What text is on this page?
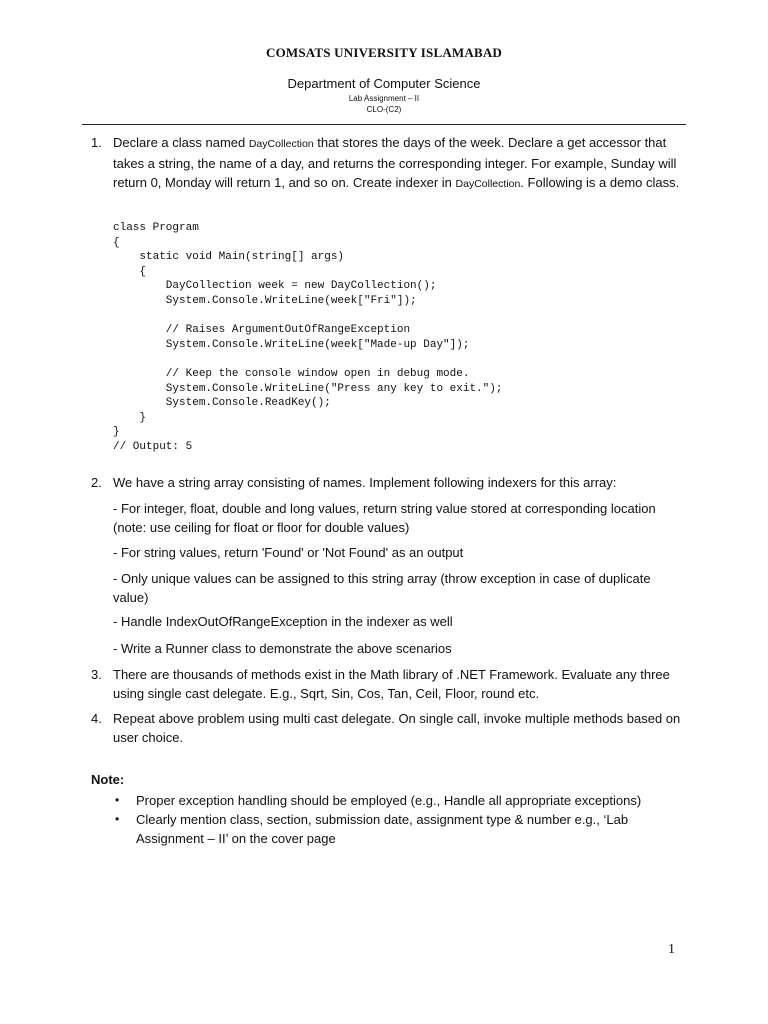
COMSATS UNIVERSITY ISLAMABAD
Department of Computer Science
Lab Assignment – II
CLO-(C2)
1. Declare a class named DayCollection that stores the days of the week. Declare a get accessor that takes a string, the name of a day, and returns the corresponding integer. For example, Sunday will return 0, Monday will return 1, and so on. Create indexer in DayCollection. Following is a demo class.
class Program
{
static void Main(string[] args)
{
DayCollection week = new DayCollection();
System.Console.WriteLine(week["Fri"]);

// Raises ArgumentOutOfRangeException
System.Console.WriteLine(week["Made-up Day"]);

// Keep the console window open in debug mode.
System.Console.WriteLine("Press any key to exit.");
System.Console.ReadKey();
}
}
// Output: 5
2. We have a string array consisting of names. Implement following indexers for this array:
- For integer, float, double and long values, return string value stored at corresponding location (note: use ceiling for float or floor for double values)
- For string values, return 'Found' or 'Not Found' as an output
- Only unique values can be assigned to this string array (throw exception in case of duplicate value)
- Handle IndexOutOfRangeException in the indexer as well
- Write a Runner class to demonstrate the above scenarios
3. There are thousands of methods exist in the Math library of .NET Framework. Evaluate any three using single cast delegate. E.g., Sqrt, Sin, Cos, Tan, Ceil, Floor, round etc.
4. Repeat above problem using multi cast delegate. On single call, invoke multiple methods based on user choice.
Note:
• Proper exception handling should be employed (e.g., Handle all appropriate exceptions)
• Clearly mention class, section, submission date, assignment type & number e.g., ‘Lab Assignment – II’ on the cover page
1
